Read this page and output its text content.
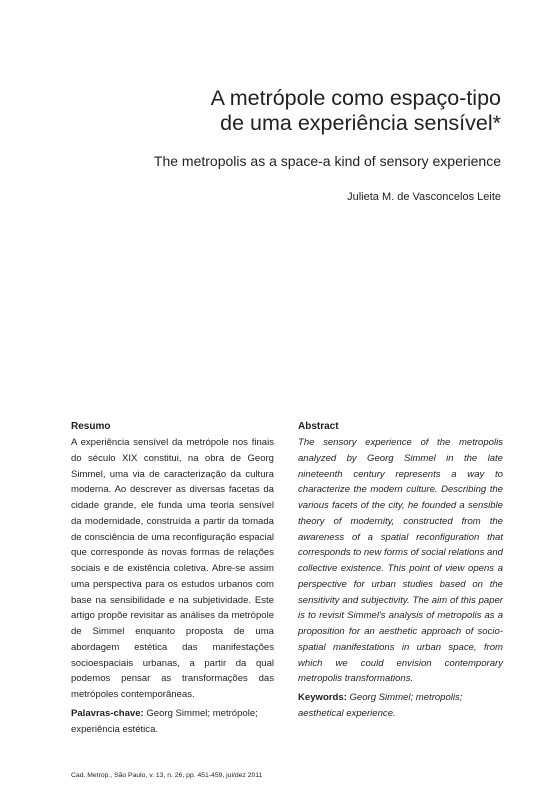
A metrópole como espaço-tipo
de uma experiência sensível*

The metropolis as a space-a kind of sensory experience

Julieta M. de Vasconcelos Leite

Resumo

A experiência sensível da metrópole nos finais do século XIX constitui, na obra de Georg Simmel, uma via de caracterização da cultura moderna. Ao descrever as diversas facetas da cidade grande, ele funda uma teoria sensível da modernidade, construída a partir da tomada de consciência de uma reconfiguração espacial que corresponde às novas formas de relações sociais e de existência coletiva. Abre-se assim uma perspectiva para os estudos urbanos com base na sensibilidade e na subjetividade. Este artigo propõe revisitar as análises da metrópole de Simmel enquanto proposta de uma abordagem estética das manifestações socioespaciais urbanas, a partir da qual podemos pensar as transformações das metrópoles contemporâneas.

Palavras-chave: Georg Simmel; metrópole; experiência estética.

Abstract

The sensory experience of the metropolis analyzed by Georg Simmel in the late nineteenth century represents a way to characterize the modern culture. Describing the various facets of the city, he founded a sensible theory of modernity, constructed from the awareness of a spatial reconfiguration that corresponds to new forms of social relations and collective existence. This point of view opens a perspective for urban studies based on the sensitivity and subjectivity. The aim of this paper is to revisit Simmel's analysis of metropolis as a proposition for an aesthetic approach of socio-spatial manifestations in urban space, from which we could envision contemporary metropolis transformations.

Keywords: Georg Simmel; metropolis; aesthetical experience.

Cad. Metrop., São Paulo, v. 13, n. 26, pp. 451-459, jul/dez 2011
